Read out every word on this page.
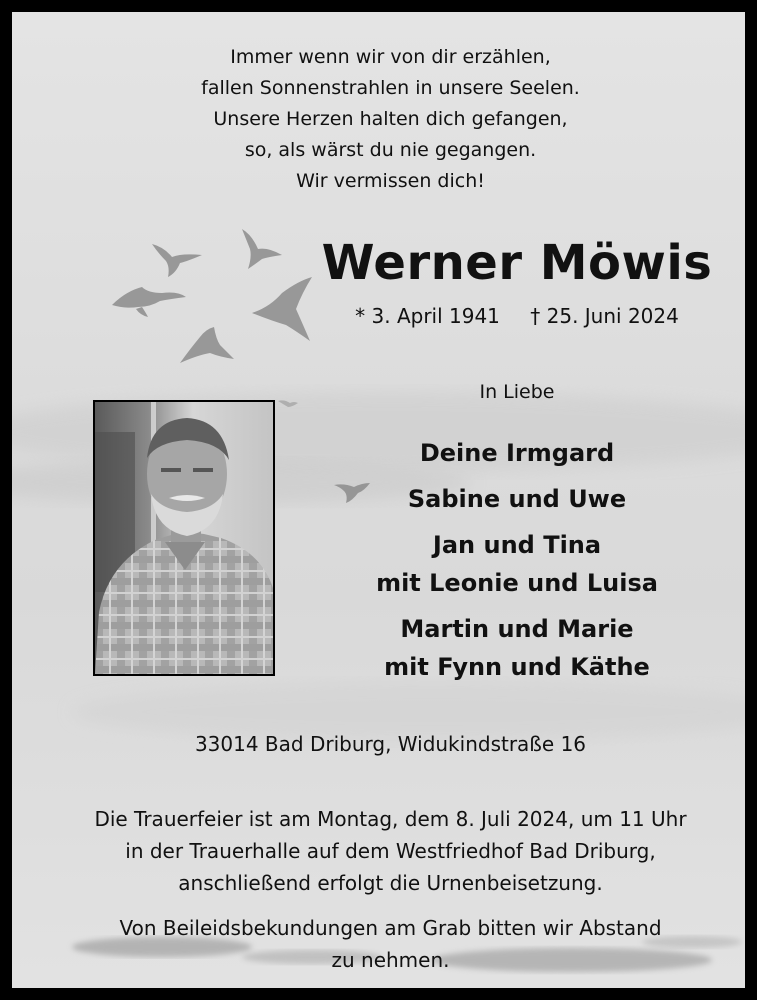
Immer wenn wir von dir erzählen,
fallen Sonnenstrahlen in unsere Seelen.
Unsere Herzen halten dich gefangen,
so, als wärst du nie gegangen.
Wir vermissen dich!
Werner Möwis
* 3. April 1941 † 25. Juni 2024
In Liebe
Deine Irmgard
Sabine und Uwe
Jan und Tina
mit Leonie und Luisa
Martin und Marie
mit Fynn und Käthe
33014 Bad Driburg, Widukindstraße 16
Die Trauerfeier ist am Montag, dem 8. Juli 2024, um 11 Uhr
in der Trauerhalle auf dem Westfriedhof Bad Driburg,
anschließend erfolgt die Urnenbeisetzung.
Von Beileidsbekundungen am Grab bitten wir Abstand
zu nehmen.
